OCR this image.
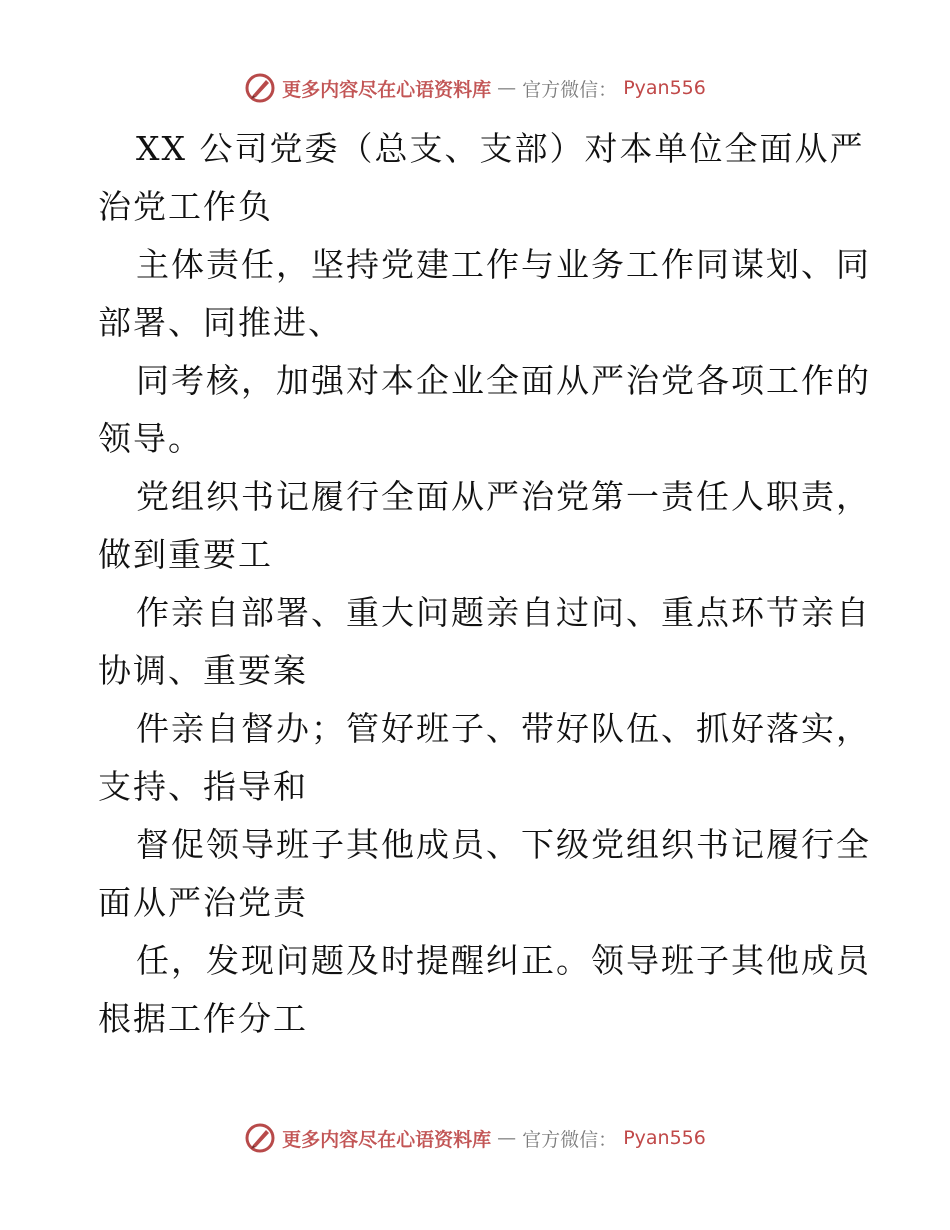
更多内容尽在心语资料库 — 官方微信： Pyan556
XX 公司党委（总支、支部）对本单位全面从严
治党工作负
主体责任，坚持党建工作与业务工作同谋划、同
部署、同推进、
同考核，加强对本企业全面从严治党各项工作的
领导。
党组织书记履行全面从严治党第一责任人职责，
做到重要工
作亲自部署、重大问题亲自过问、重点环节亲自
协调、重要案
件亲自督办；管好班子、带好队伍、抓好落实，
支持、指导和
督促领导班子其他成员、下级党组织书记履行全
面从严治党责
任，发现问题及时提醒纠正。领导班子其他成员
根据工作分工
更多内容尽在心语资料库 — 官方微信： Pyan556
